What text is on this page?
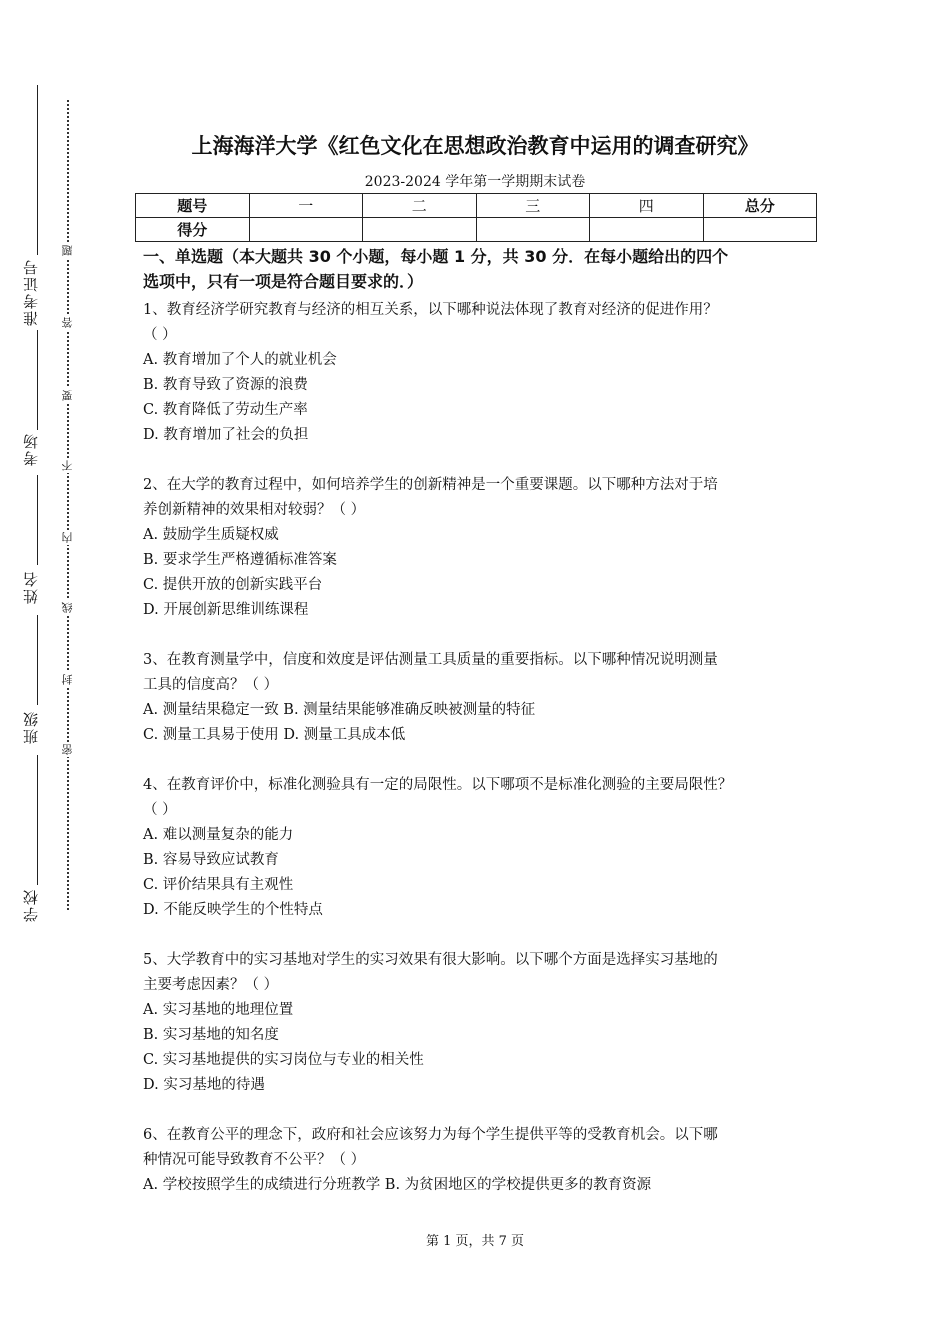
准考证号
考场
姓名
班级
学校
题
答
要
不
内
线
封
密
上海海洋大学《红色文化在思想政治教育中运用的调查研究》
2023-2024 学年第一学期期末试卷
题号	一	二	三	四	总分
得分					
一、单选题（本大题共 30 个小题，每小题 1 分，共 30 分．在每小题给出的四个
选项中，只有一项是符合题目要求的．）

1、教育经济学研究教育与经济的相互关系，以下哪种说法体现了教育对经济的促进作用？

（ ）

A. 教育增加了个人的就业机会

B. 教育导致了资源的浪费

C. 教育降低了劳动生产率

D. 教育增加了社会的负担

2、在大学的教育过程中，如何培养学生的创新精神是一个重要课题。以下哪种方法对于培

养创新精神的效果相对较弱？（ ）

A. 鼓励学生质疑权威

B. 要求学生严格遵循标准答案

C. 提供开放的创新实践平台

D. 开展创新思维训练课程

3、在教育测量学中，信度和效度是评估测量工具质量的重要指标。以下哪种情况说明测量

工具的信度高？（ ）

A. 测量结果稳定一致 B. 测量结果能够准确反映被测量的特征

C. 测量工具易于使用 D. 测量工具成本低

4、在教育评价中，标准化测验具有一定的局限性。以下哪项不是标准化测验的主要局限性？

（ ）

A. 难以测量复杂的能力

B. 容易导致应试教育

C. 评价结果具有主观性

D. 不能反映学生的个性特点

5、大学教育中的实习基地对学生的实习效果有很大影响。以下哪个方面是选择实习基地的

主要考虑因素？（ ）

A. 实习基地的地理位置

B. 实习基地的知名度

C. 实习基地提供的实习岗位与专业的相关性

D. 实习基地的待遇

6、在教育公平的理念下，政府和社会应该努力为每个学生提供平等的受教育机会。以下哪

种情况可能导致教育不公平？（ ）

A. 学校按照学生的成绩进行分班教学 B. 为贫困地区的学校提供更多的教育资源

第 1 页，共 7 页
